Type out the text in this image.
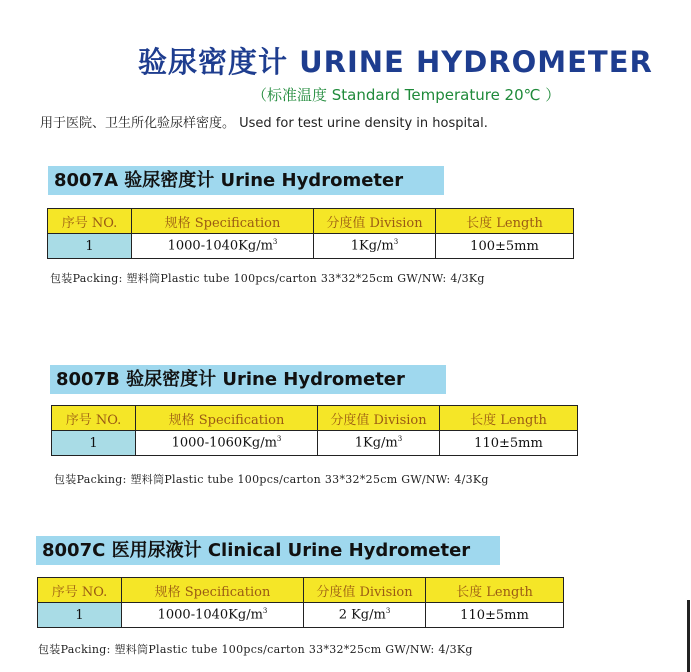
验尿密度计 URINE HYDROMETER
（标准温度 Standard Temperature 20℃ ）
用于医院、卫生所化验尿样密度。 Used for test urine density in hospital.
8007A 验尿密度计 Urine Hydrometer
序号 NO.	规格 Specification	分度值 Division	长度 Length
1	$1000-1040Kg/m^3$	$1Kg/m^3$	100±5mm
包装Packing: 塑料筒Plastic tube 100pcs/carton 33*32*25cm GW/NW: 4/3Kg
8007B 验尿密度计 Urine Hydrometer
序号 NO.	规格 Specification	分度值 Division	长度 Length
1	$1000-1060Kg/m^3$	$1Kg/m^3$	110±5mm
包装Packing: 塑料筒Plastic tube 100pcs/carton 33*32*25cm GW/NW: 4/3Kg
8007C 医用尿液计 Clinical Urine Hydrometer
序号 NO.	规格 Specification	分度值 Division	长度 Length
1	$1000-1040Kg/m^3$	2 $Kg/m^3$	110±5mm
包装Packing: 塑料筒Plastic tube 100pcs/carton 33*32*25cm GW/NW: 4/3Kg
